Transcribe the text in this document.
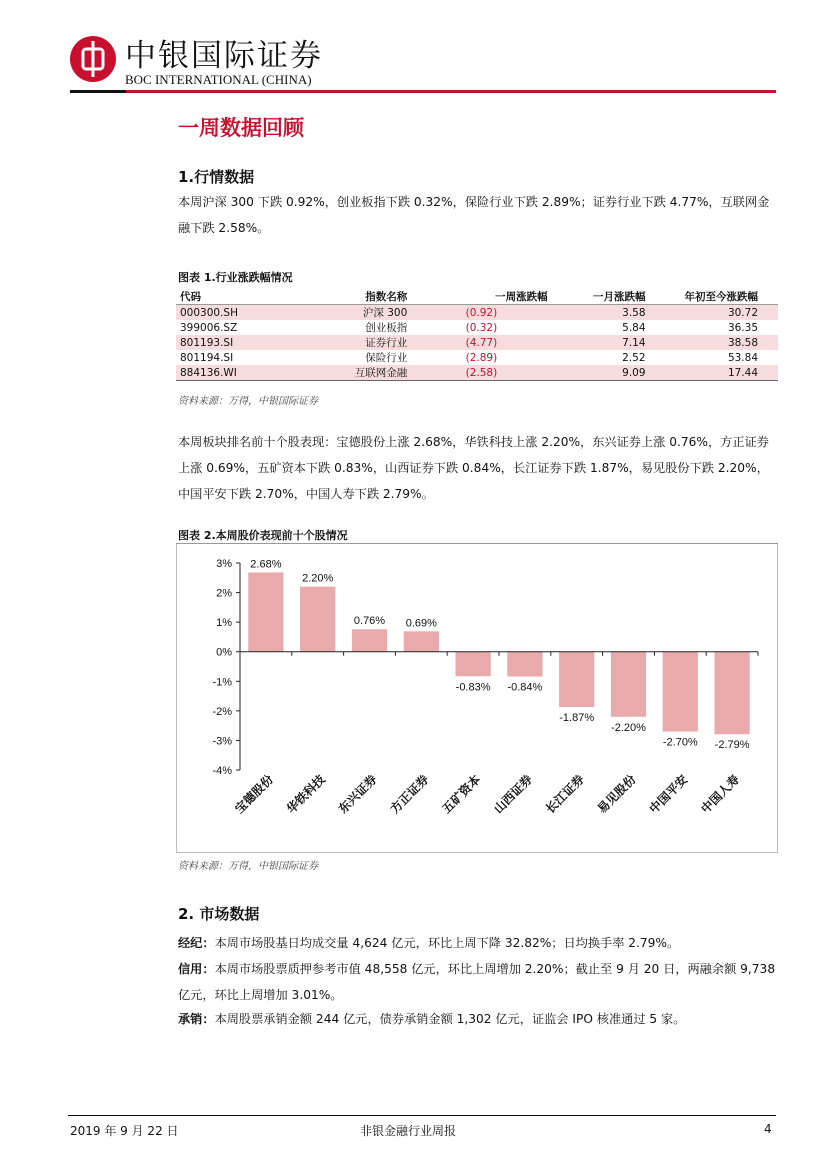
中银国际证券
BOC INTERNATIONAL (CHINA)
一周数据回顾
1.行情数据
本周沪深 300 下跌 0.92%，创业板指下跌 0.32%，保险行业下跌 2.89%；证券行业下跌 4.77%，互联网金融下跌 2.58%。
图表 1.行业涨跌幅情况
代码	指数名称	一周涨跌幅	一月涨跌幅	年初至今涨跌幅
000300.SH	沪深 300	(0.92)	3.58	30.72
399006.SZ	创业板指	(0.32)	5.84	36.35
801193.SI	证券行业	(4.77)	7.14	38.58
801194.SI	保险行业	(2.89)	2.52	53.84
884136.WI	互联网金融	(2.58)	9.09	17.44
资料来源：万得，中银国际证券
本周板块排名前十个股表现：宝德股份上涨 2.68%，华铁科技上涨 2.20%，东兴证券上涨 0.76%，方正证券上涨 0.69%，五矿资本下跌 0.83%，山西证券下跌 0.84%，长江证券下跌 1.87%，易见股份下跌 2.20%，中国平安下跌 2.70%，中国人寿下跌 2.79%。
图表 2.本周股价表现前十个股情况
3%
2%
1%
0%
-1%
-2%
-3%
-4%
2.68%
宝德股份
2.20%
华铁科技
0.76%
东兴证券
0.69%
方正证券
-0.83%
五矿资本
-0.84%
山西证券
-1.87%
长江证券
-2.20%
易见股份
-2.70%
中国平安
-2.79%
中国人寿
资料来源：万得，中银国际证券
2. 市场数据
经纪：本周市场股基日均成交量 4,624 亿元，环比上周下降 32.82%；日均换手率 2.79%。
信用：本周市场股票质押参考市值 48,558 亿元，环比上周增加 2.20%；截止至 9 月 20 日，两融余额 9,738 亿元，环比上周增加 3.01%。
承销：本周股票承销金额 244 亿元，债券承销金额 1,302 亿元，证监会 IPO 核准通过 5 家。
2019 年 9 月 22 日	非银金融行业周报	4
